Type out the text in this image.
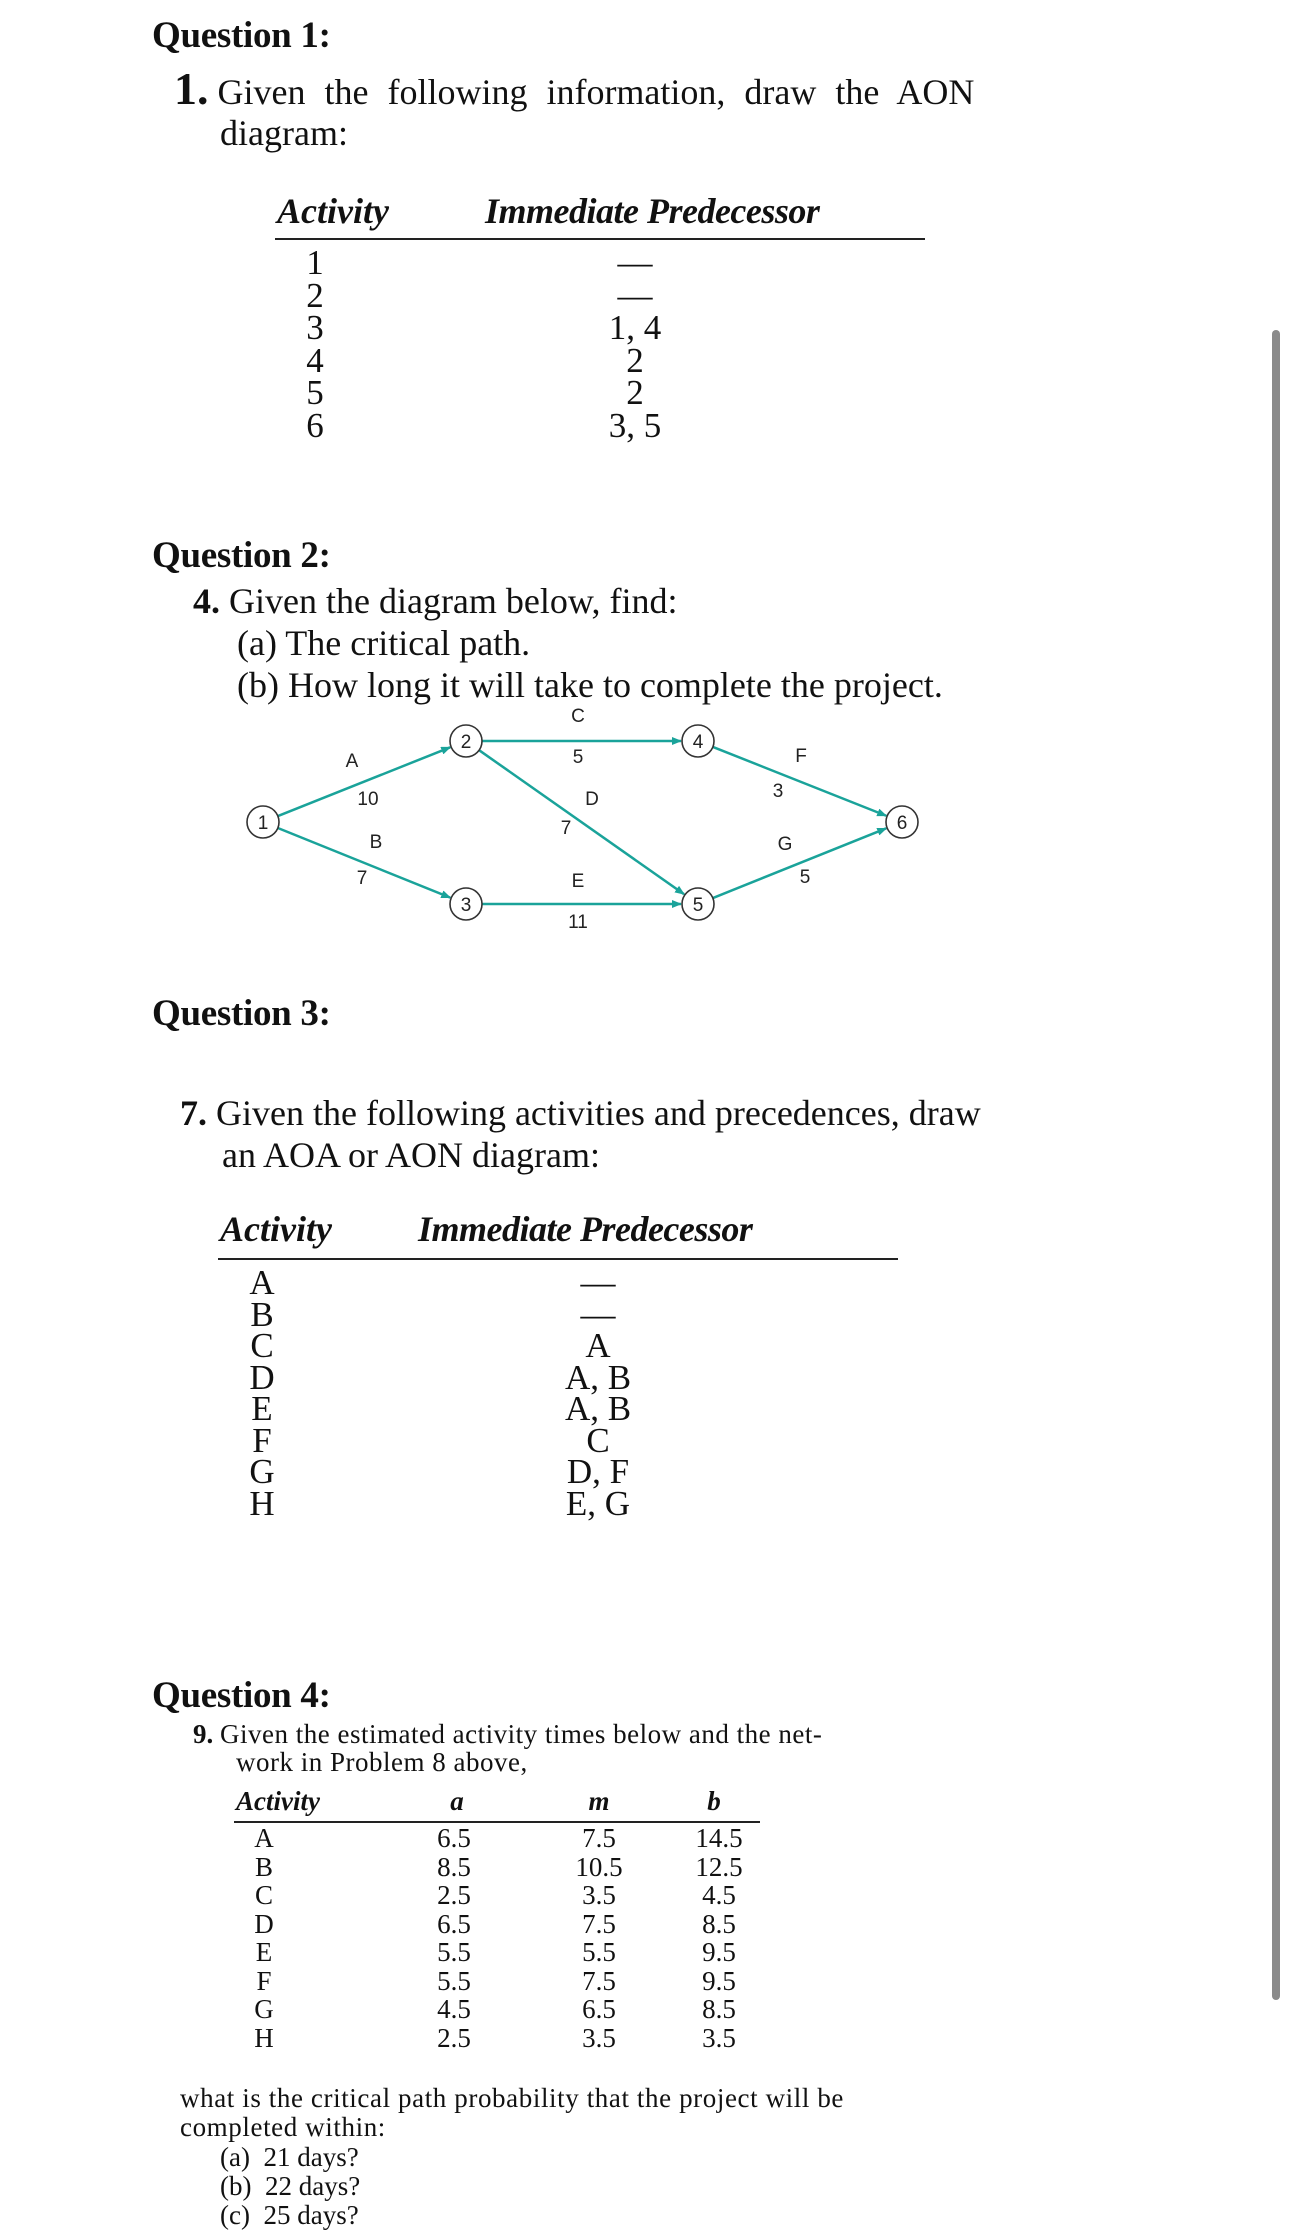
Question 1:
1. Given the following information, draw the AON
diagram:
Activity	Immediate Predecessor
1	—
2	—
3	1, 4
4	2
5	2
6	3, 5
Question 2:
4. Given the diagram below, find:
(a) The critical path.
(b) How long it will take to complete the project.
A
10
B
7
C
5
D
7
E
11
F
3
G
5
1
2
3
4
5
6
Question 3:
7. Given the following activities and precedences, draw
an AOA or AON diagram:
Activity Immediate Predecessor
A	—
B	—
C	A
D	A, B
E	A, B
F	C
G	D, F
H	E, G
Question 4:
9. Given the estimated activity times below and the net-
work in Problem 8 above,
Activity	a	m	b
A	6.5	7.5	14.5
B	8.5	10.5	12.5
C	2.5	3.5	4.5
D	6.5	7.5	8.5
E	5.5	5.5	9.5
F	5.5	7.5	9.5
G	4.5	6.5	8.5
H	2.5	3.5	3.5
what is the critical path probability that the project will be
completed within:
(a)  21 days?
(b)  22 days?
(c)  25 days?
